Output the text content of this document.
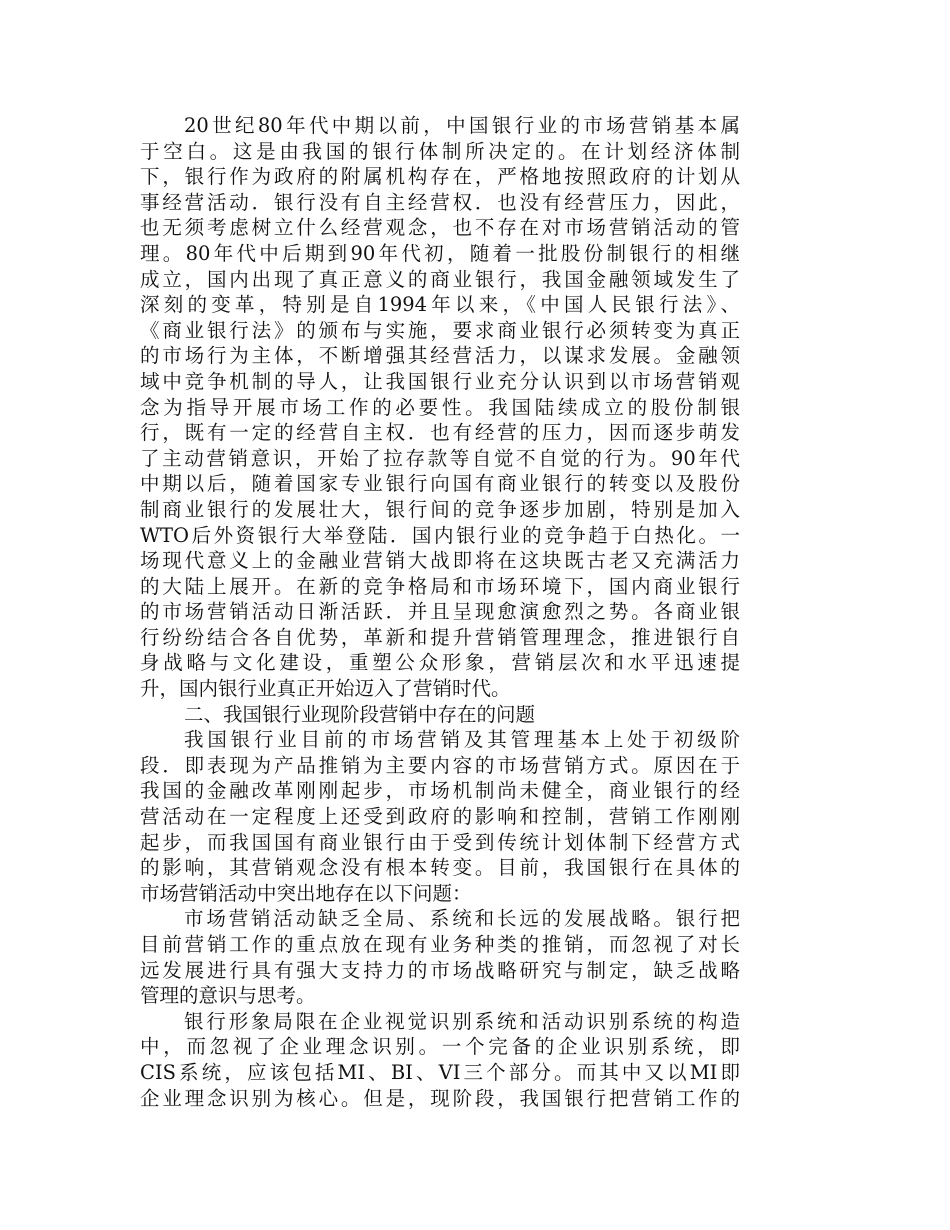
20世纪80年代中期以前，中国银行业的市场营销基本属
于空白。这是由我国的银行体制所决定的。在计划经济体制
下，银行作为政府的附属机构存在，严格地按照政府的计划从
事经营活动．银行没有自主经营权．也没有经营压力，因此，
也无须考虑树立什么经营观念，也不存在对市场营销活动的管
理。80年代中后期到90年代初，随着一批股份制银行的相继
成立，国内出现了真正意义的商业银行，我国金融领域发生了
深刻的变革，特别是自1994年以来，《中国人民银行法》、
《商业银行法》的颁布与实施，要求商业银行必须转变为真正
的市场行为主体，不断增强其经营活力，以谋求发展。金融领
域中竞争机制的导人，让我国银行业充分认识到以市场营销观
念为指导开展市场工作的必要性。我国陆续成立的股份制银
行，既有一定的经营自主权．也有经营的压力，因而逐步萌发
了主动营销意识，开始了拉存款等自觉不自觉的行为。90年代
中期以后，随着国家专业银行向国有商业银行的转变以及股份
制商业银行的发展壮大，银行间的竞争逐步加剧，特别是加入
WTO后外资银行大举登陆．国内银行业的竞争趋于白热化。一
场现代意义上的金融业营销大战即将在这块既古老又充满活力
的大陆上展开。在新的竞争格局和市场环境下，国内商业银行
的市场营销活动日渐活跃．并且呈现愈演愈烈之势。各商业银
行纷纷结合各自优势，革新和提升营销管理理念，推进银行自
身战略与文化建设，重塑公众形象，营销层次和水平迅速提
升，国内银行业真正开始迈入了营销时代。
二、我国银行业现阶段营销中存在的问题
我国银行业目前的市场营销及其管理基本上处于初级阶
段．即表现为产品推销为主要内容的市场营销方式。原因在于
我国的金融改革刚刚起步，市场机制尚未健全，商业银行的经
营活动在一定程度上还受到政府的影响和控制，营销工作刚刚
起步，而我国国有商业银行由于受到传统计划体制下经营方式
的影响，其营销观念没有根本转变。目前，我国银行在具体的
市场营销活动中突出地存在以下问题：
市场营销活动缺乏全局、系统和长远的发展战略。银行把
目前营销工作的重点放在现有业务种类的推销，而忽视了对长
远发展进行具有强大支持力的市场战略研究与制定，缺乏战略
管理的意识与思考。
银行形象局限在企业视觉识别系统和活动识别系统的构造
中，而忽视了企业理念识别。一个完备的企业识别系统，即
CIS系统，应该包括MI、BI、VI三个部分。而其中又以MI即
企业理念识别为核心。但是，现阶段，我国银行把营销工作的
